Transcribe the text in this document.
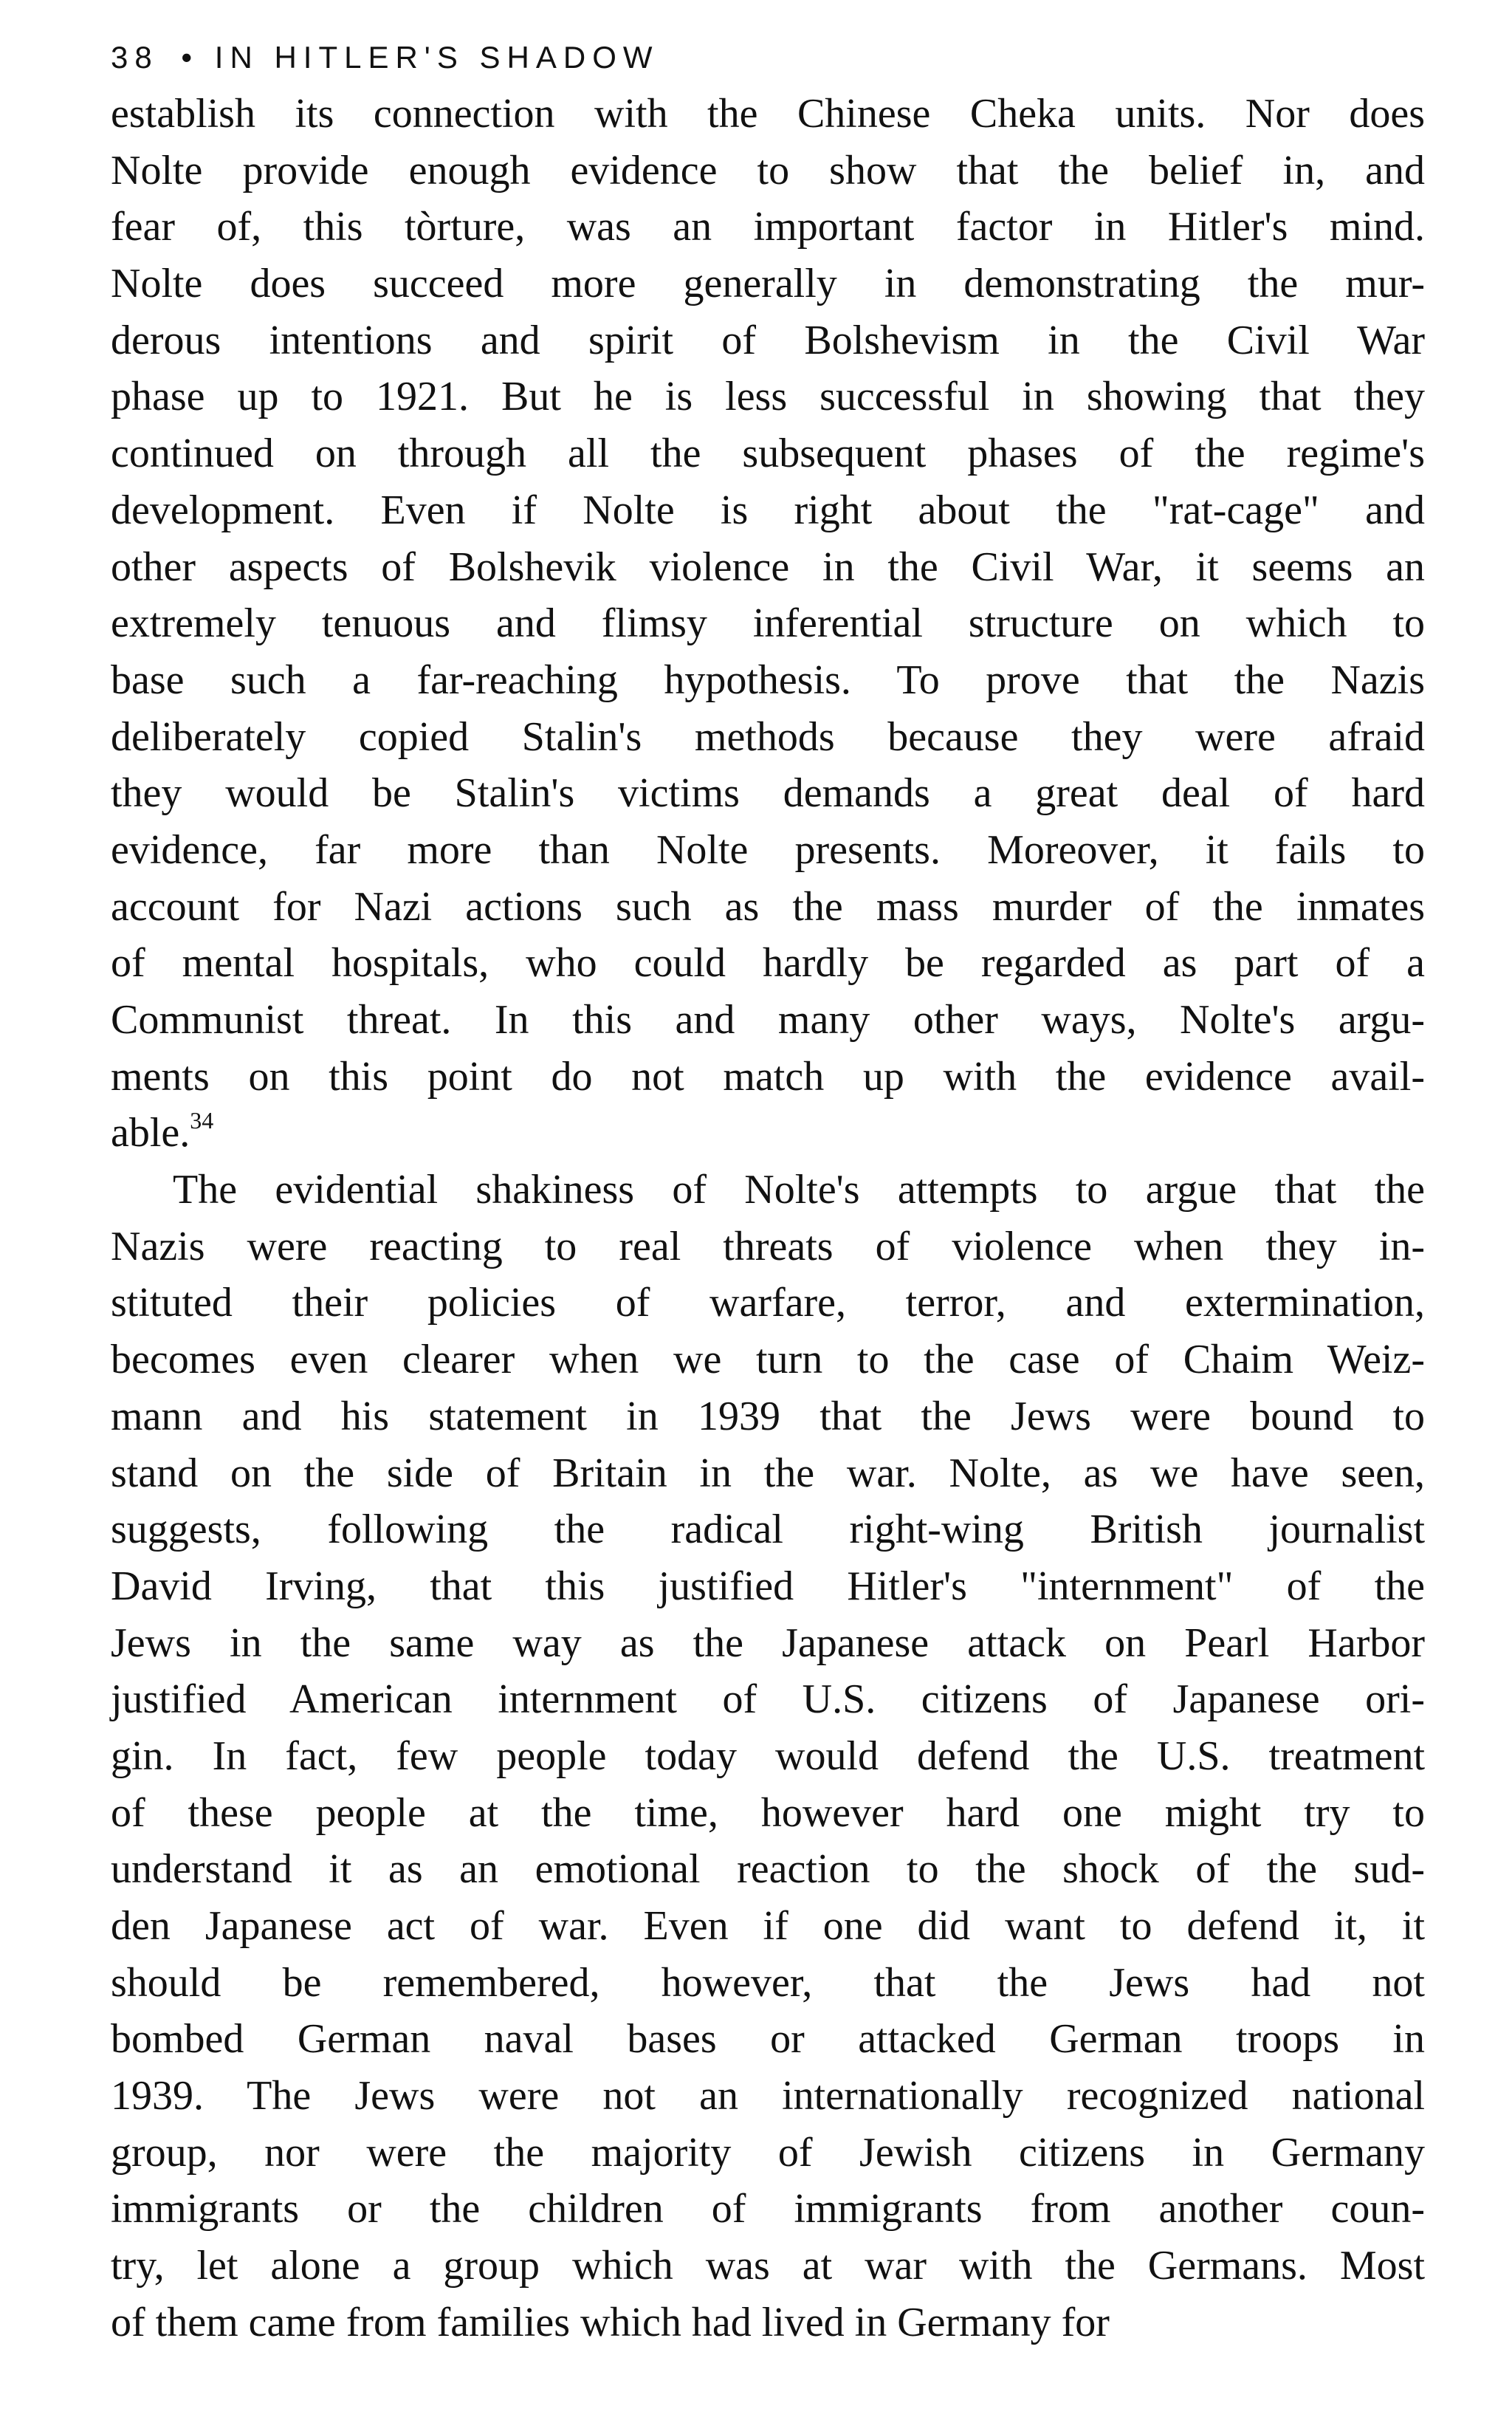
38 • IN HITLER'S SHADOW
establish its connection with the Chinese Cheka units. Nor does
Nolte provide enough evidence to show that the belief in, and
fear of, this tòrture, was an important factor in Hitler's mind.
Nolte does succeed more generally in demonstrating the mur-
derous intentions and spirit of Bolshevism in the Civil War
phase up to 1921. But he is less successful in showing that they
continued on through all the subsequent phases of the regime's
development. Even if Nolte is right about the "rat-cage" and
other aspects of Bolshevik violence in the Civil War, it seems an
extremely tenuous and flimsy inferential structure on which to
base such a far-reaching hypothesis. To prove that the Nazis
deliberately copied Stalin's methods because they were afraid
they would be Stalin's victims demands a great deal of hard
evidence, far more than Nolte presents. Moreover, it fails to
account for Nazi actions such as the mass murder of the inmates
of mental hospitals, who could hardly be regarded as part of a
Communist threat. In this and many other ways, Nolte's argu-
ments on this point do not match up with the evidence avail-
able.$^{34}$
The evidential shakiness of Nolte's attempts to argue that the
Nazis were reacting to real threats of violence when they in-
stituted their policies of warfare, terror, and extermination,
becomes even clearer when we turn to the case of Chaim Weiz-
mann and his statement in 1939 that the Jews were bound to
stand on the side of Britain in the war. Nolte, as we have seen,
suggests, following the radical right-wing British journalist
David Irving, that this justified Hitler's "internment" of the
Jews in the same way as the Japanese attack on Pearl Harbor
justified American internment of U.S. citizens of Japanese ori-
gin. In fact, few people today would defend the U.S. treatment
of these people at the time, however hard one might try to
understand it as an emotional reaction to the shock of the sud-
den Japanese act of war. Even if one did want to defend it, it
should be remembered, however, that the Jews had not
bombed German naval bases or attacked German troops in
1939. The Jews were not an internationally recognized national
group, nor were the majority of Jewish citizens in Germany
immigrants or the children of immigrants from another coun-
try, let alone a group which was at war with the Germans. Most
of them came from families which had lived in Germany for
